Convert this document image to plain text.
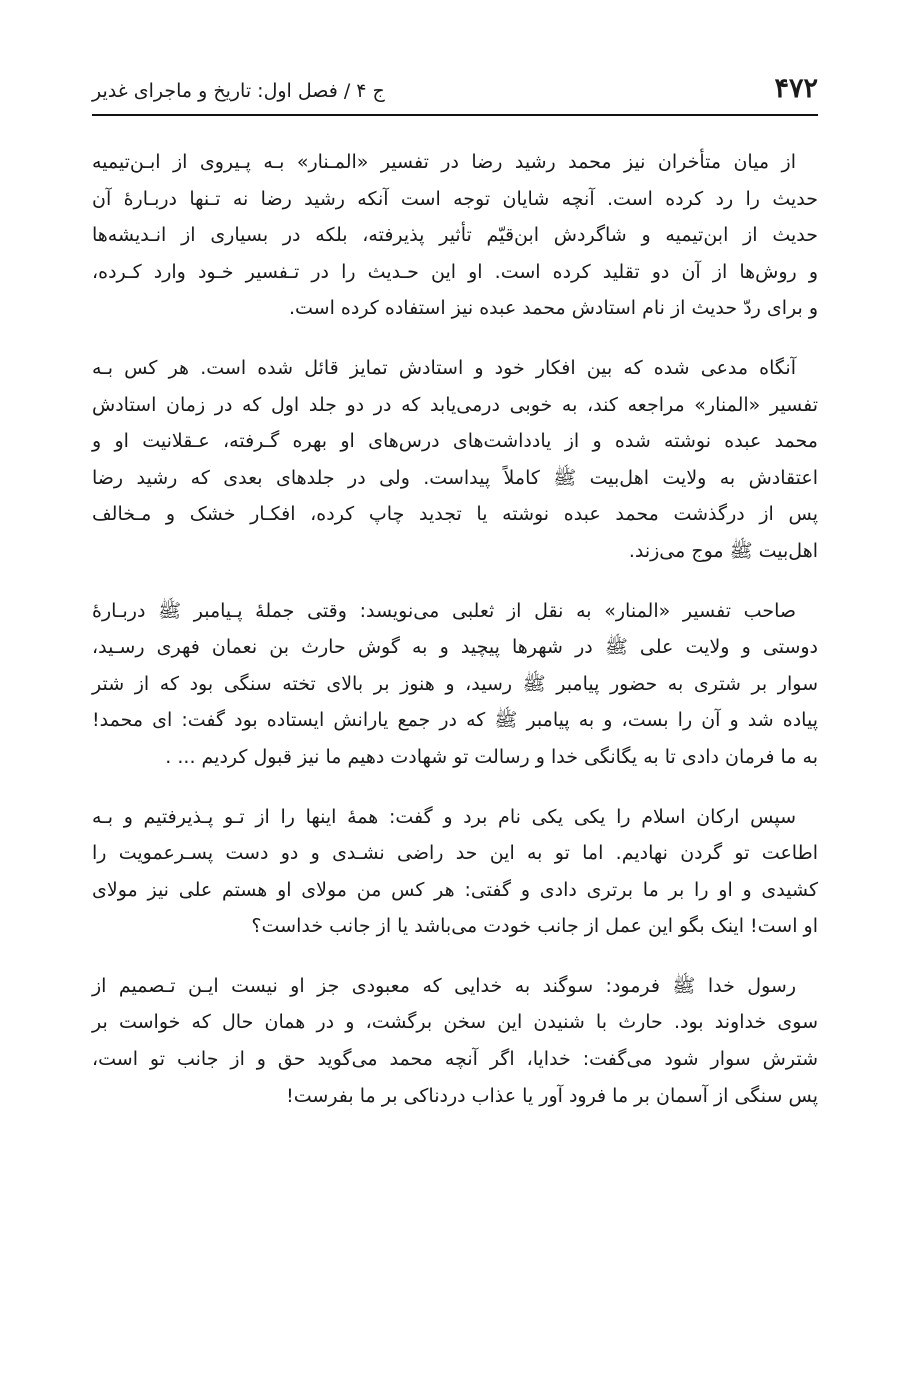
۴۷۲
ج ۴ / فصل اول: تاریخ و ماجرای غدیر

از میان متأخران نیز محمد رشید رضا در تفسیر «المـنار» بـه پـیروی از ابـن‌تیمیه
حدیث را رد کرده است. آنچه شایان توجه است آنکه رشید رضا نه تـنها دربـارهٔ آن
حدیث از ابن‌تیمیه و شاگردش ابن‌قیّم تأثیر پذیرفته، بلکه در بسیاری از انـدیشه‌ها
و روش‌ها از آن دو تقلید کرده است. او این حـدیث را در تـفسیر خـود وارد کـرده،
و برای ردّ حدیث از نام استادش محمد عبده نیز استفاده کرده است.

آنگاه مدعی شده که بین افکار خود و استادش تمایز قائل شده است. هر کس بـه
تفسیر «المنار» مراجعه کند، به خوبی درمی‌یابد که در دو جلد اول که در زمان استادش
محمد عبده نوشته شده و از یادداشت‌های درس‌های او بهره گـرفته، عـقلانیت او و
اعتقادش به ولایت اهل‌بیت ﷺ کاملاً پیداست. ولی در جلدهای بعدی که رشید رضا
پس از درگذشت محمد عبده نوشته یا تجدید چاپ کرده، افکـار خشک و مـخالف
اهل‌بیت ﷺ موج می‌زند.

صاحب تفسیر «المنار» به نقل از ثعلبی می‌نویسد: وقتی جملهٔ پـیامبر ﷺ دربـارهٔ
دوستی و ولایت علی ﷺ در شهرها پیچید و به گوش حارث بن نعمان فهری رسـید،
سوار بر شتری به حضور پیامبر ﷺ رسید، و هنوز بر بالای تخته سنگی بود که از شتر
پیاده شد و آن را بست، و به پیامبر ﷺ که در جمع یارانش ایستاده بود گفت: ای محمد!
به ما فرمان دادی تا به یگانگی خدا و رسالت تو شهادت دهیم ما نیز قبول کردیم ... .

سپس ارکان اسلام را یکی یکی نام برد و گفت: همهٔ اینها را از تـو پـذیرفتیم و بـه
اطاعت تو گردن نهادیم. اما تو به این حد راضی نشـدی و دو دست پسـرعمویت را
کشیدی و او را بر ما برتری دادی و گفتی: هر کس من مولای او هستم علی نیز مولای
او است! اینک بگو این عمل از جانب خودت می‌باشد یا از جانب خداست؟

رسول خدا ﷺ فرمود: سوگند به خدایی که معبودی جز او نیست ایـن تـصمیم از
سوی خداوند بود. حارث با شنیدن این سخن برگشت، و در همان حال که خواست بر
شترش سوار شود می‌گفت: خدایا، اگر آنچه محمد می‌گوید حق و از جانب تو است،
پس سنگی از آسمان بر ما فرود آور یا عذاب دردناکی بر ما بفرست!
